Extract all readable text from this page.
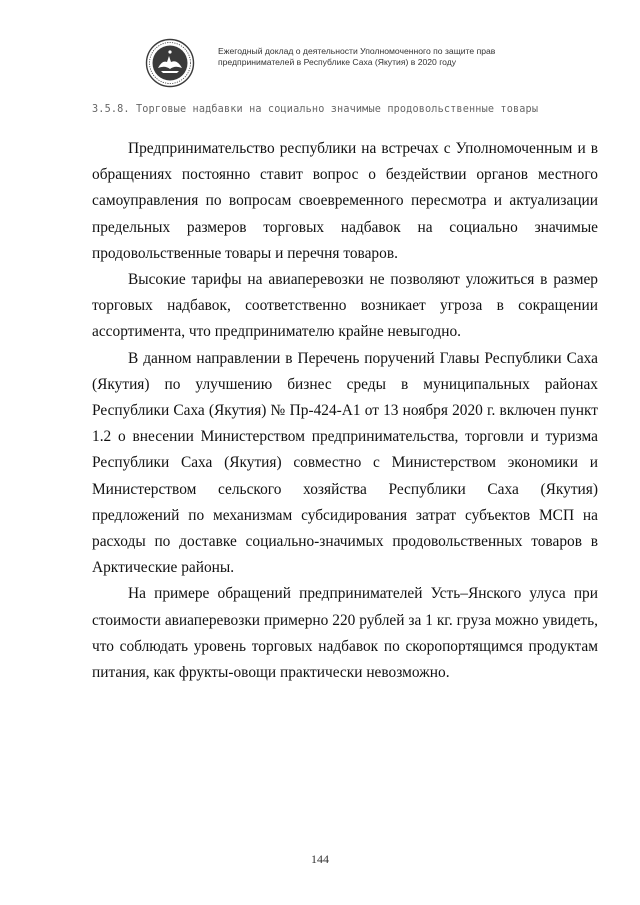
Ежегодный доклад о деятельности Уполномоченного по защите прав
предпринимателей в Республике Саха (Якутия) в 2020 году
3.5.8. Торговые надбавки на социально значимые продовольственные товары

Предпринимательство республики на встречах с Уполномоченным и в обращениях постоянно ставит вопрос о бездействии органов местного самоуправления по вопросам своевременного пересмотра и актуализации предельных размеров торговых надбавок на социально значимые продовольственные товары и перечня товаров.

Высокие тарифы на авиаперевозки не позволяют уложиться в размер торговых надбавок, соответственно возникает угроза в сокращении ассортимента, что предпринимателю крайне невыгодно.

В данном направлении в Перечень поручений Главы Республики Саха (Якутия) по улучшению бизнес среды в муниципальных районах Республики Саха (Якутия) № Пр-424-А1 от 13 ноября 2020 г. включен пункт 1.2 о внесении Министерством предпринимательства, торговли и туризма Республики Саха (Якутия) совместно с Министерством экономики и Министерством сельского хозяйства Республики Саха (Якутия) предложений по механизмам субсидирования затрат субъектов МСП на расходы по доставке социально-значимых продовольственных товаров в Арктические районы.

На примере обращений предпринимателей Усть–Янского улуса при стоимости авиаперевозки примерно 220 рублей за 1 кг. груза можно увидеть, что соблюдать уровень торговых надбавок по скоропортящимся продуктам питания, как фрукты-овощи практически невозможно.

144
